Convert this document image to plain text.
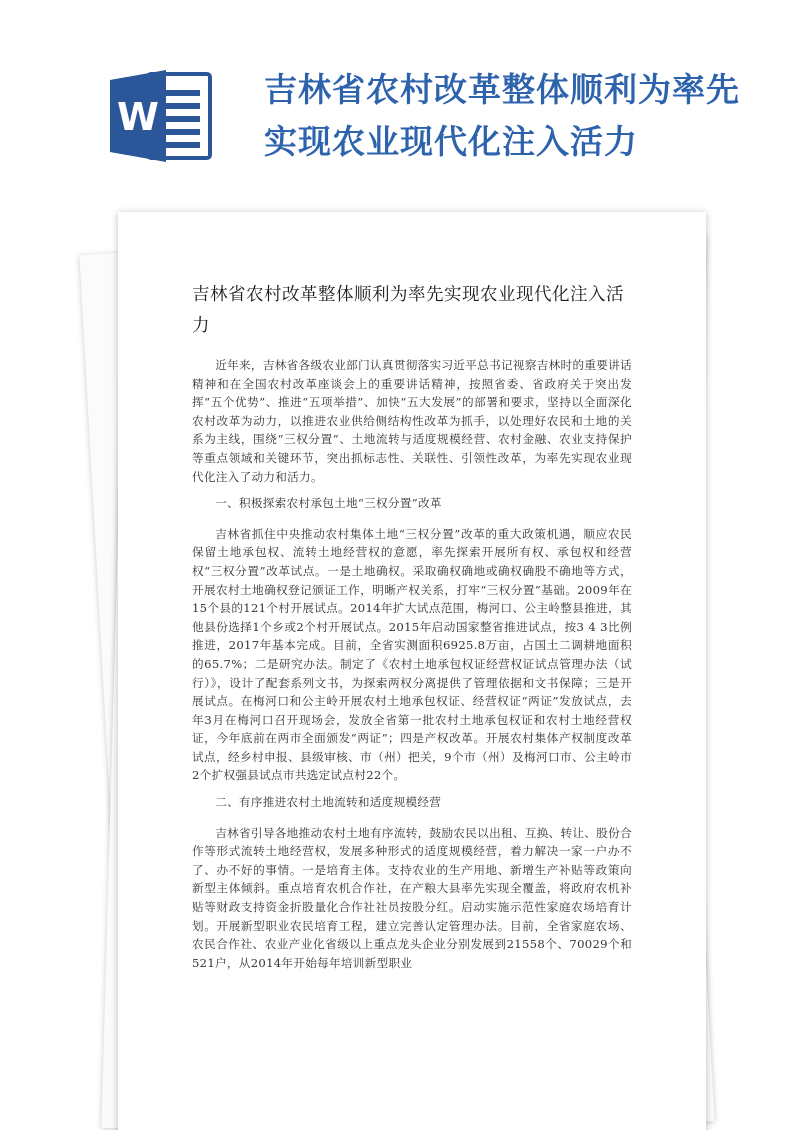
W
吉林省农村改革整体顺利为率先实现农业现代化注入活力
吉林省农村改革整体顺利为率先实现农业现代化注入活力

近年来，吉林省各级农业部门认真贯彻落实习近平总书记视察吉林时的重要讲话精神和在全国农村改革座谈会上的重要讲话精神，按照省委、省政府关于突出发挥“五个优势”、推进“五项举措”、加快“五大发展”的部署和要求，坚持以全面深化农村改革为动力，以推进农业供给侧结构性改革为抓手，以处理好农民和土地的关系为主线，围绕“三权分置”、土地流转与适度规模经营、农村金融、农业支持保护等重点领域和关键环节，突出抓标志性、关联性、引领性改革，为率先实现农业现代化注入了动力和活力。

一、积极探索农村承包土地“三权分置”改革

吉林省抓住中央推动农村集体土地“三权分置”改革的重大政策机遇，顺应农民保留土地承包权、流转土地经营权的意愿，率先探索开展所有权、承包权和经营权“三权分置”改革试点。一是土地确权。采取确权确地或确权确股不确地等方式，开展农村土地确权登记颁证工作，明晰产权关系，打牢“三权分置”基础。2009年在15个县的121个村开展试点。2014年扩大试点范围，梅河口、公主岭整县推进，其他县份选择1个乡或2个村开展试点。2015年启动国家整省推进试点，按3 4 3比例推进，2017年基本完成。目前，全省实测面积6925.8万亩，占国土二调耕地面积的65.7%；二是研究办法。制定了《农村土地承包权证经营权证试点管理办法（试行）》，设计了配套系列文书，为探索两权分离提供了管理依据和文书保障；三是开展试点。在梅河口和公主岭开展农村土地承包权证、经营权证“两证”发放试点，去年3月在梅河口召开现场会，发放全省第一批农村土地承包权证和农村土地经营权证，今年底前在两市全面颁发“两证”；四是产权改革。开展农村集体产权制度改革试点，经乡村申报、县级审核、市（州）把关，9个市（州）及梅河口市、公主岭市2个扩权强县试点市共选定试点村22个。

二、有序推进农村土地流转和适度规模经营

吉林省引导各地推动农村土地有序流转，鼓励农民以出租、互换、转让、股份合作等形式流转土地经营权，发展多种形式的适度规模经营，着力解决一家一户办不了、办不好的事情。一是培育主体。支持农业的生产用地、新增生产补贴等政策向新型主体倾斜。重点培育农机合作社，在产粮大县率先实现全覆盖，将政府农机补贴等财政支持资金折股量化合作社社员按股分红。启动实施示范性家庭农场培育计划。开展新型职业农民培育工程，建立完善认定管理办法。目前，全省家庭农场、农民合作社、农业产业化省级以上重点龙头企业分别发展到21558个、70029个和521户，从2014年开始每年培训新型职业
